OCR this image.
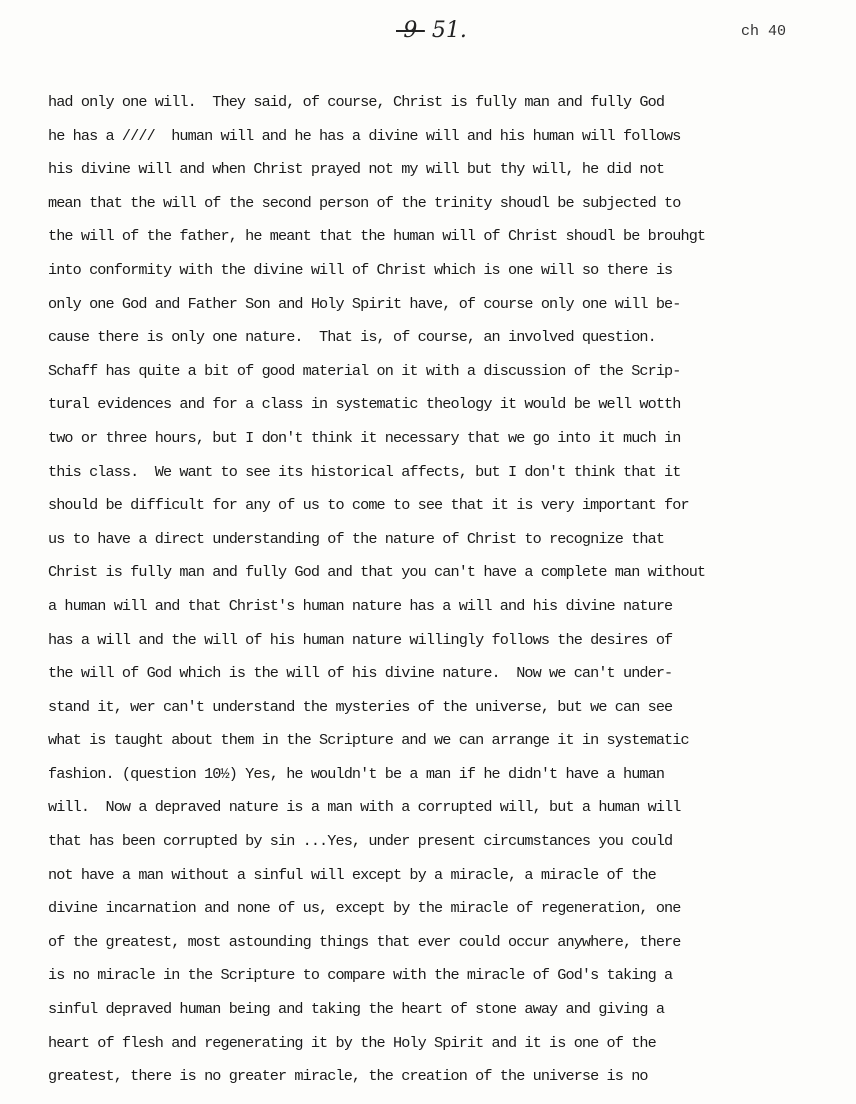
-9- 51.	ch 40
had only one will.  They said, of course, Christ is fully man and fully God
he has a ////  human will and he has a divine will and his human will follows
his divine will and when Christ prayed not my will but thy will, he did not
mean that the will of the second person of the trinity shoudl be subjected to
the will of the father, he meant that the human will of Christ shoudl be brouhgt
into conformity with the divine will of Christ which is one will so there is
only one God and Father Son and Holy Spirit have, of course only one will be-
cause there is only one nature.  That is, of course, an involved question.
Schaff has quite a bit of good material on it with a discussion of the Scrip-
tural evidences and for a class in systematic theology it would be well wotth
two or three hours, but I don't think it necessary that we go into it much in
this class.  We want to see its historical affects, but I don't think that it
should be difficult for any of us to come to see that it is very important for
us to have a direct understanding of the nature of Christ to recognize that
Christ is fully man and fully God and that you can't have a complete man without
a human will and that Christ's human nature has a will and his divine nature
has a will and the will of his human nature willingly follows the desires of
the will of God which is the will of his divine nature.  Now we can't under-
stand it, wer can't understand the mysteries of the universe, but we can see
what is taught about them in the Scripture and we can arrange it in systematic
fashion. (question 10½) Yes, he wouldn't be a man if he didn't have a human
will.  Now a depraved nature is a man with a corrupted will, but a human will
that has been corrupted by sin ...Yes, under present circumstances you could
not have a man without a sinful will except by a miracle, a miracle of the
divine incarnation and none of us, except by the miracle of regeneration, one
of the greatest, most astounding things that ever could occur anywhere, there
is no miracle in the Scripture to compare with the miracle of God's taking a
sinful depraved human being and taking the heart of stone away and giving a
heart of flesh and regenerating it by the Holy Spirit and it is one of the
greatest, there is no greater miracle, the creation of the universe is no
